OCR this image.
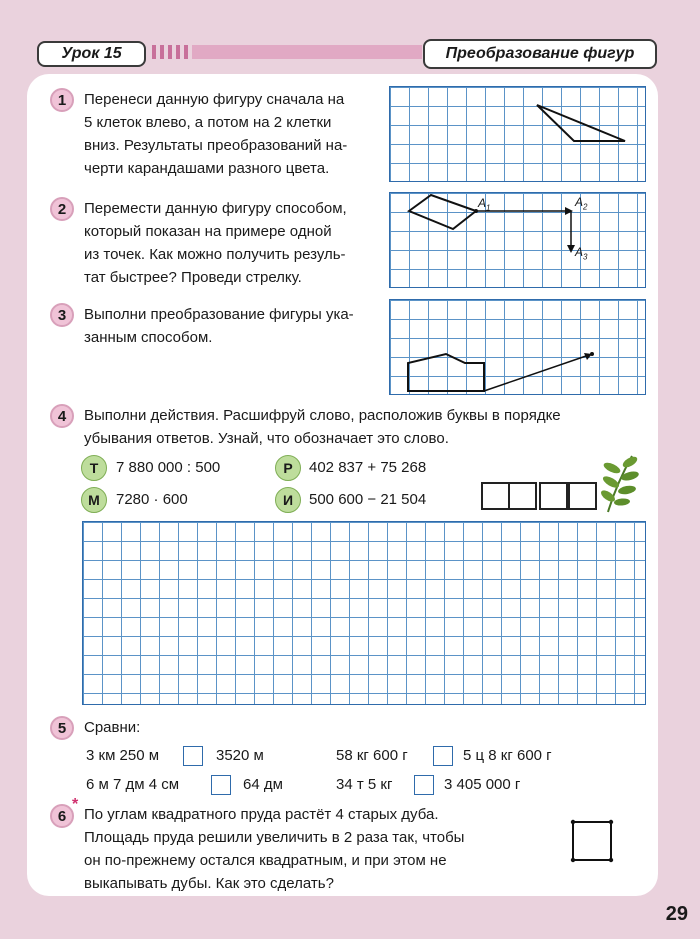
Урок 15	Преобразование фигур
1	Перенеси данную фигуру сначала на
5 клеток влево, а потом на 2 клетки
вниз. Результаты преобразований на-
черти карандашами разного цвета.
2	Перемести данную фигуру способом,
который показан на примере одной
из точек. Как можно получить резуль-
тат быстрее? Проведи стрелку.
$A_1$	$A_2$
$A_3$
3	Выполни преобразование фигуры ука-
занным способом.
4	Выполни действия. Расшифруй слово, расположив буквы в порядке
убывания ответов. Узнай, что обозначает это слово.
Т	7 880 000 : 500	Р	402 837 + 75 268
М	7280 · 600	И	500 600 − 21 504
5	Сравни:
3 км 250 м	3520 м	58 кг 600 г	5 ц 8 кг 600 г
6 м 7 дм 4 см	64 дм	34 т 5 кг	3 405 000 г
6
*
По углам квадратного пруда растёт 4 старых дуба.
Площадь пруда решили увеличить в 2 раза так, чтобы
он по-прежнему остался квадратным, и при этом не
выкапывать дубы. Как это сделать?
29
